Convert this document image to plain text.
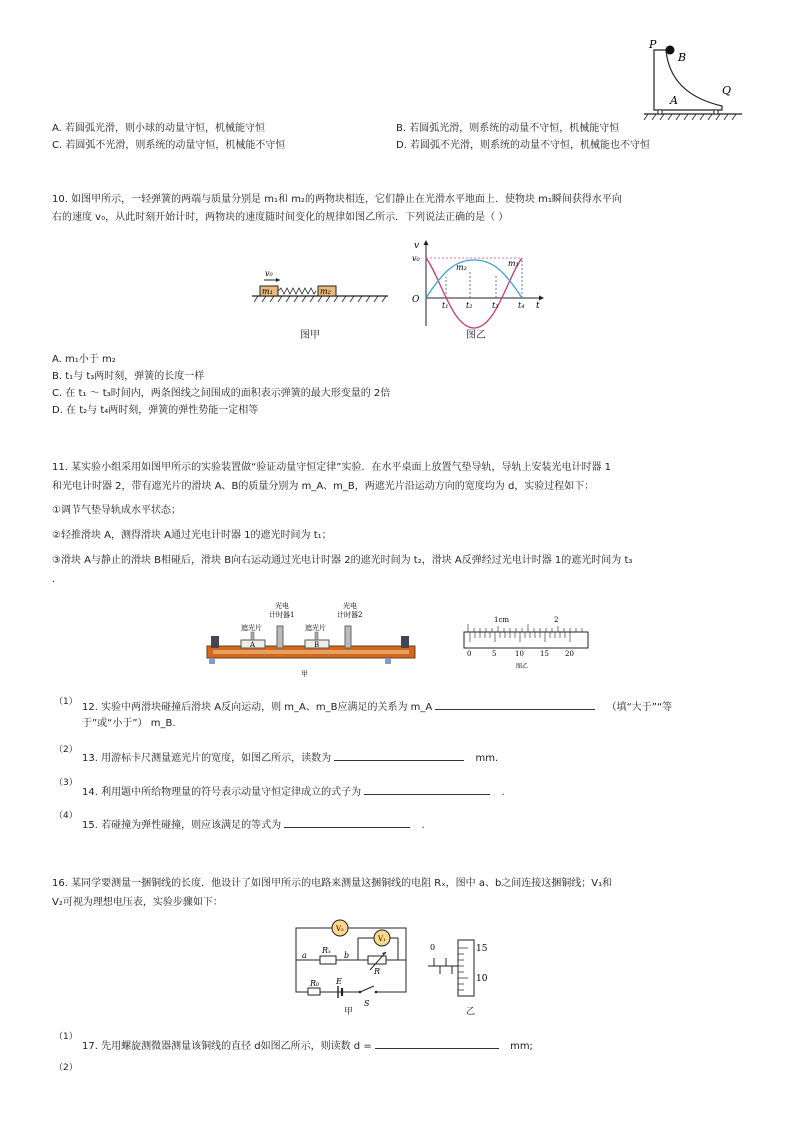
P
B
A
Q
A. 若圆弧光滑，则小球的动量守恒，机械能守恒	B. 若圆弧光滑，则系统的动量不守恒，机械能守恒
C. 若圆弧不光滑，则系统的动量守恒，机械能不守恒	D. 若圆弧不光滑，则系统的动量不守恒，机械能也不守恒
10. 如图甲所示，一轻弹簧的两端与质量分别是 m₁和 m₂的两物块相连，它们静止在光滑水平地面上．使物块 m₁瞬间获得水平向
右的速度 v₀，从此时刻开始计时，两物块的速度随时间变化的规律如图乙所示．下列说法正确的是（ ）
v₀
m₁	m₂
图甲
v
v₀
O
t
m₂	m₁
t₁ t₂ t₃ t₄
图乙
A. m₁小于 m₂
B. t₁与 t₃两时刻，弹簧的长度一样
C. 在 t₁ ～ t₃时间内，两条图线之间围成的面积表示弹簧的最大形变量的 2倍
D. 在 t₂与 t₄两时刻，弹簧的弹性势能一定相等
11. 某实验小组采用如图甲所示的实验装置做“验证动量守恒定律”实验．在水平桌面上放置气垫导轨，导轨上安装光电计时器 1
和光电计时器 2，带有遮光片的滑块 A、B的质量分别为 m_A、m_B，两遮光片沿运动方向的宽度均为 d，实验过程如下：
①调节气垫导轨成水平状态；
②轻推滑块 A，测得滑块 A通过光电计时器 1的遮光时间为 t₁；
③滑块 A与静止的滑块 B相碰后，滑块 B向右运动通过光电计时器 2的遮光时间为 t₂，滑块 A反弹经过光电计时器 1的遮光时间为 t₃
.
光电
计时器1
光电
计时器2
遮光片	遮光片
A	B
甲
1cm	2
0	5	10 15 20
图乙
（1） 12. 实验中两滑块碰撞后滑块 A反向运动，则 m_A、m_B应满足的关系为 m_A	（填“大于”“等
于”或“小于”） m_B.
（2）
13. 用游标卡尺测量遮光片的宽度，如图乙所示，读数为	mm.
（3）
14. 利用题中所给物理量的符号表示动量守恒定律成立的式子为	.
（4）
15. 若碰撞为弹性碰撞，则应该满足的等式为	.
16. 某同学要测量一捆铜线的长度．他设计了如图甲所示的电路来测量这捆铜线的电阻 Rₓ，图中 a、b之间连接这捆铜线；V₁和
V₂可视为理想电压表，实验步骤如下：
V₂
V₁
Rₓ
a	b
R
R₀ E
S
甲
0	15
10
乙
（1）
17. 先用螺旋测微器测量该铜线的直径 d如图乙所示，则读数 d =	mm;
（2）
